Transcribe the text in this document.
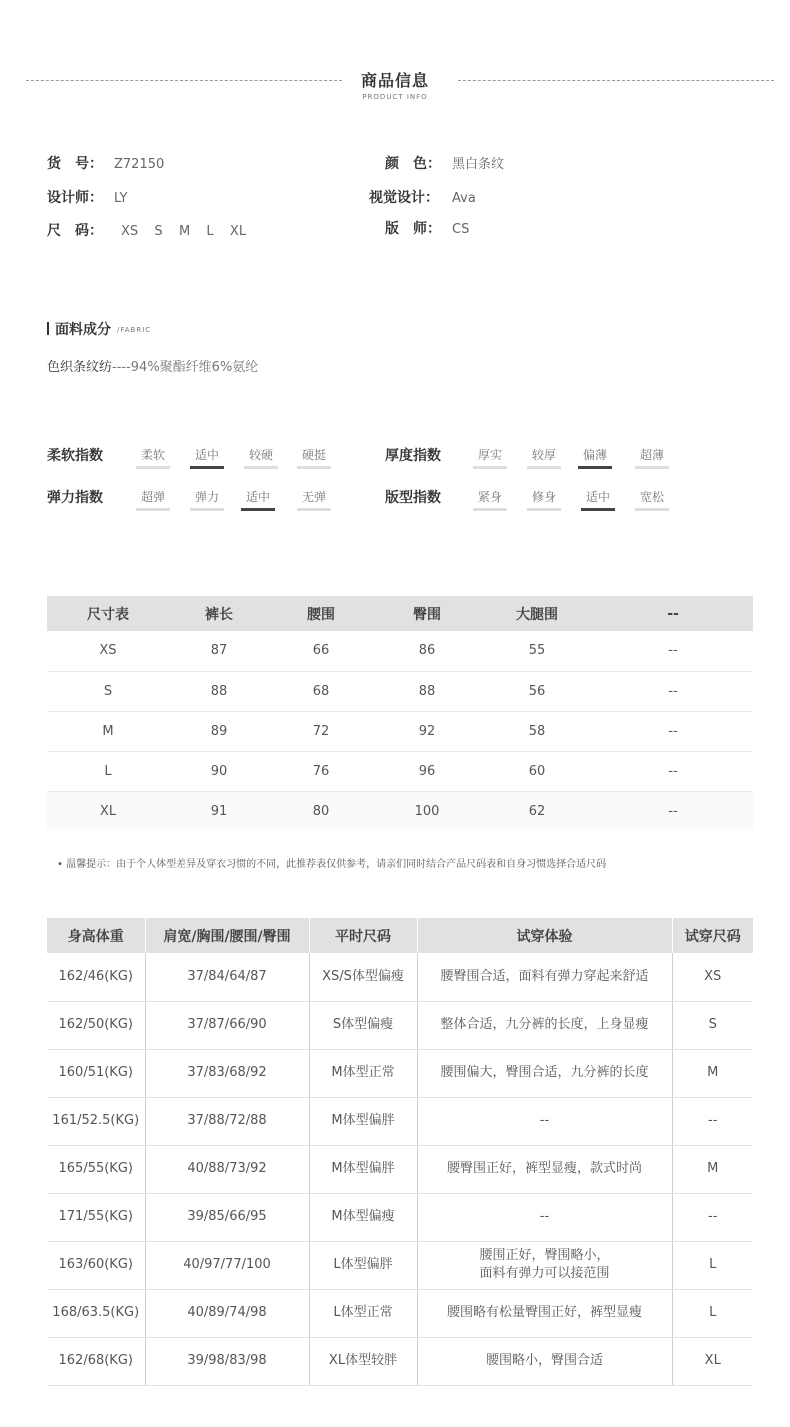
商品信息
PRODUCT INFO
货　号： Z72150	颜　色： 黑白条纹
设计师： LY	视觉设计： Ava
尺　码： XS  S  M  L  XL	版　师： CS
面料成分 /FABRIC
色织条纹纺----94%聚酯纤维6%氨纶
柔软指数	柔软	适中	较硬	硬挺	厚度指数	厚实	较厚	偏薄	超薄
弹力指数	超弹	弹力	适中	无弹	版型指数	紧身	修身	适中	宽松
尺寸表	裤长	腰围	臀围	大腿围	--
XS	87	66	86	55	--
S	88	68	88	56	--
M	89	72	92	58	--
L	90	76	96	60	--
XL	91	80	100	62	--
• 温馨提示：由于个人体型差异及穿衣习惯的不同，此推荐表仅供参考，请亲们同时结合产品尺码表和自身习惯选择合适尺码
身高体重	肩宽/胸围/腰围/臀围	平时尺码	试穿体验	试穿尺码
162/46(KG)	37/84/64/87	XS/S体型偏瘦	腰臀围合适，面料有弹力穿起来舒适	XS
162/50(KG)	37/87/66/90	S体型偏瘦	整体合适，九分裤的长度，上身显瘦	S
160/51(KG)	37/83/68/92	M体型正常	腰围偏大，臀围合适，九分裤的长度	M
161/52.5(KG)	37/88/72/88	M体型偏胖	--	--
165/55(KG)	40/88/73/92	M体型偏胖	腰臀围正好，裤型显瘦，款式时尚	M
171/55(KG)	39/85/66/95	M体型偏瘦	--	--
163/60(KG)	40/97/77/100	L体型偏胖	腰围正好，臀围略小，
面料有弹力可以接范围	L
168/63.5(KG)	40/89/74/98	L体型正常	腰围略有松量臀围正好，裤型显瘦	L
162/68(KG)	39/98/83/98	XL体型较胖	腰围略小，臀围合适	XL
